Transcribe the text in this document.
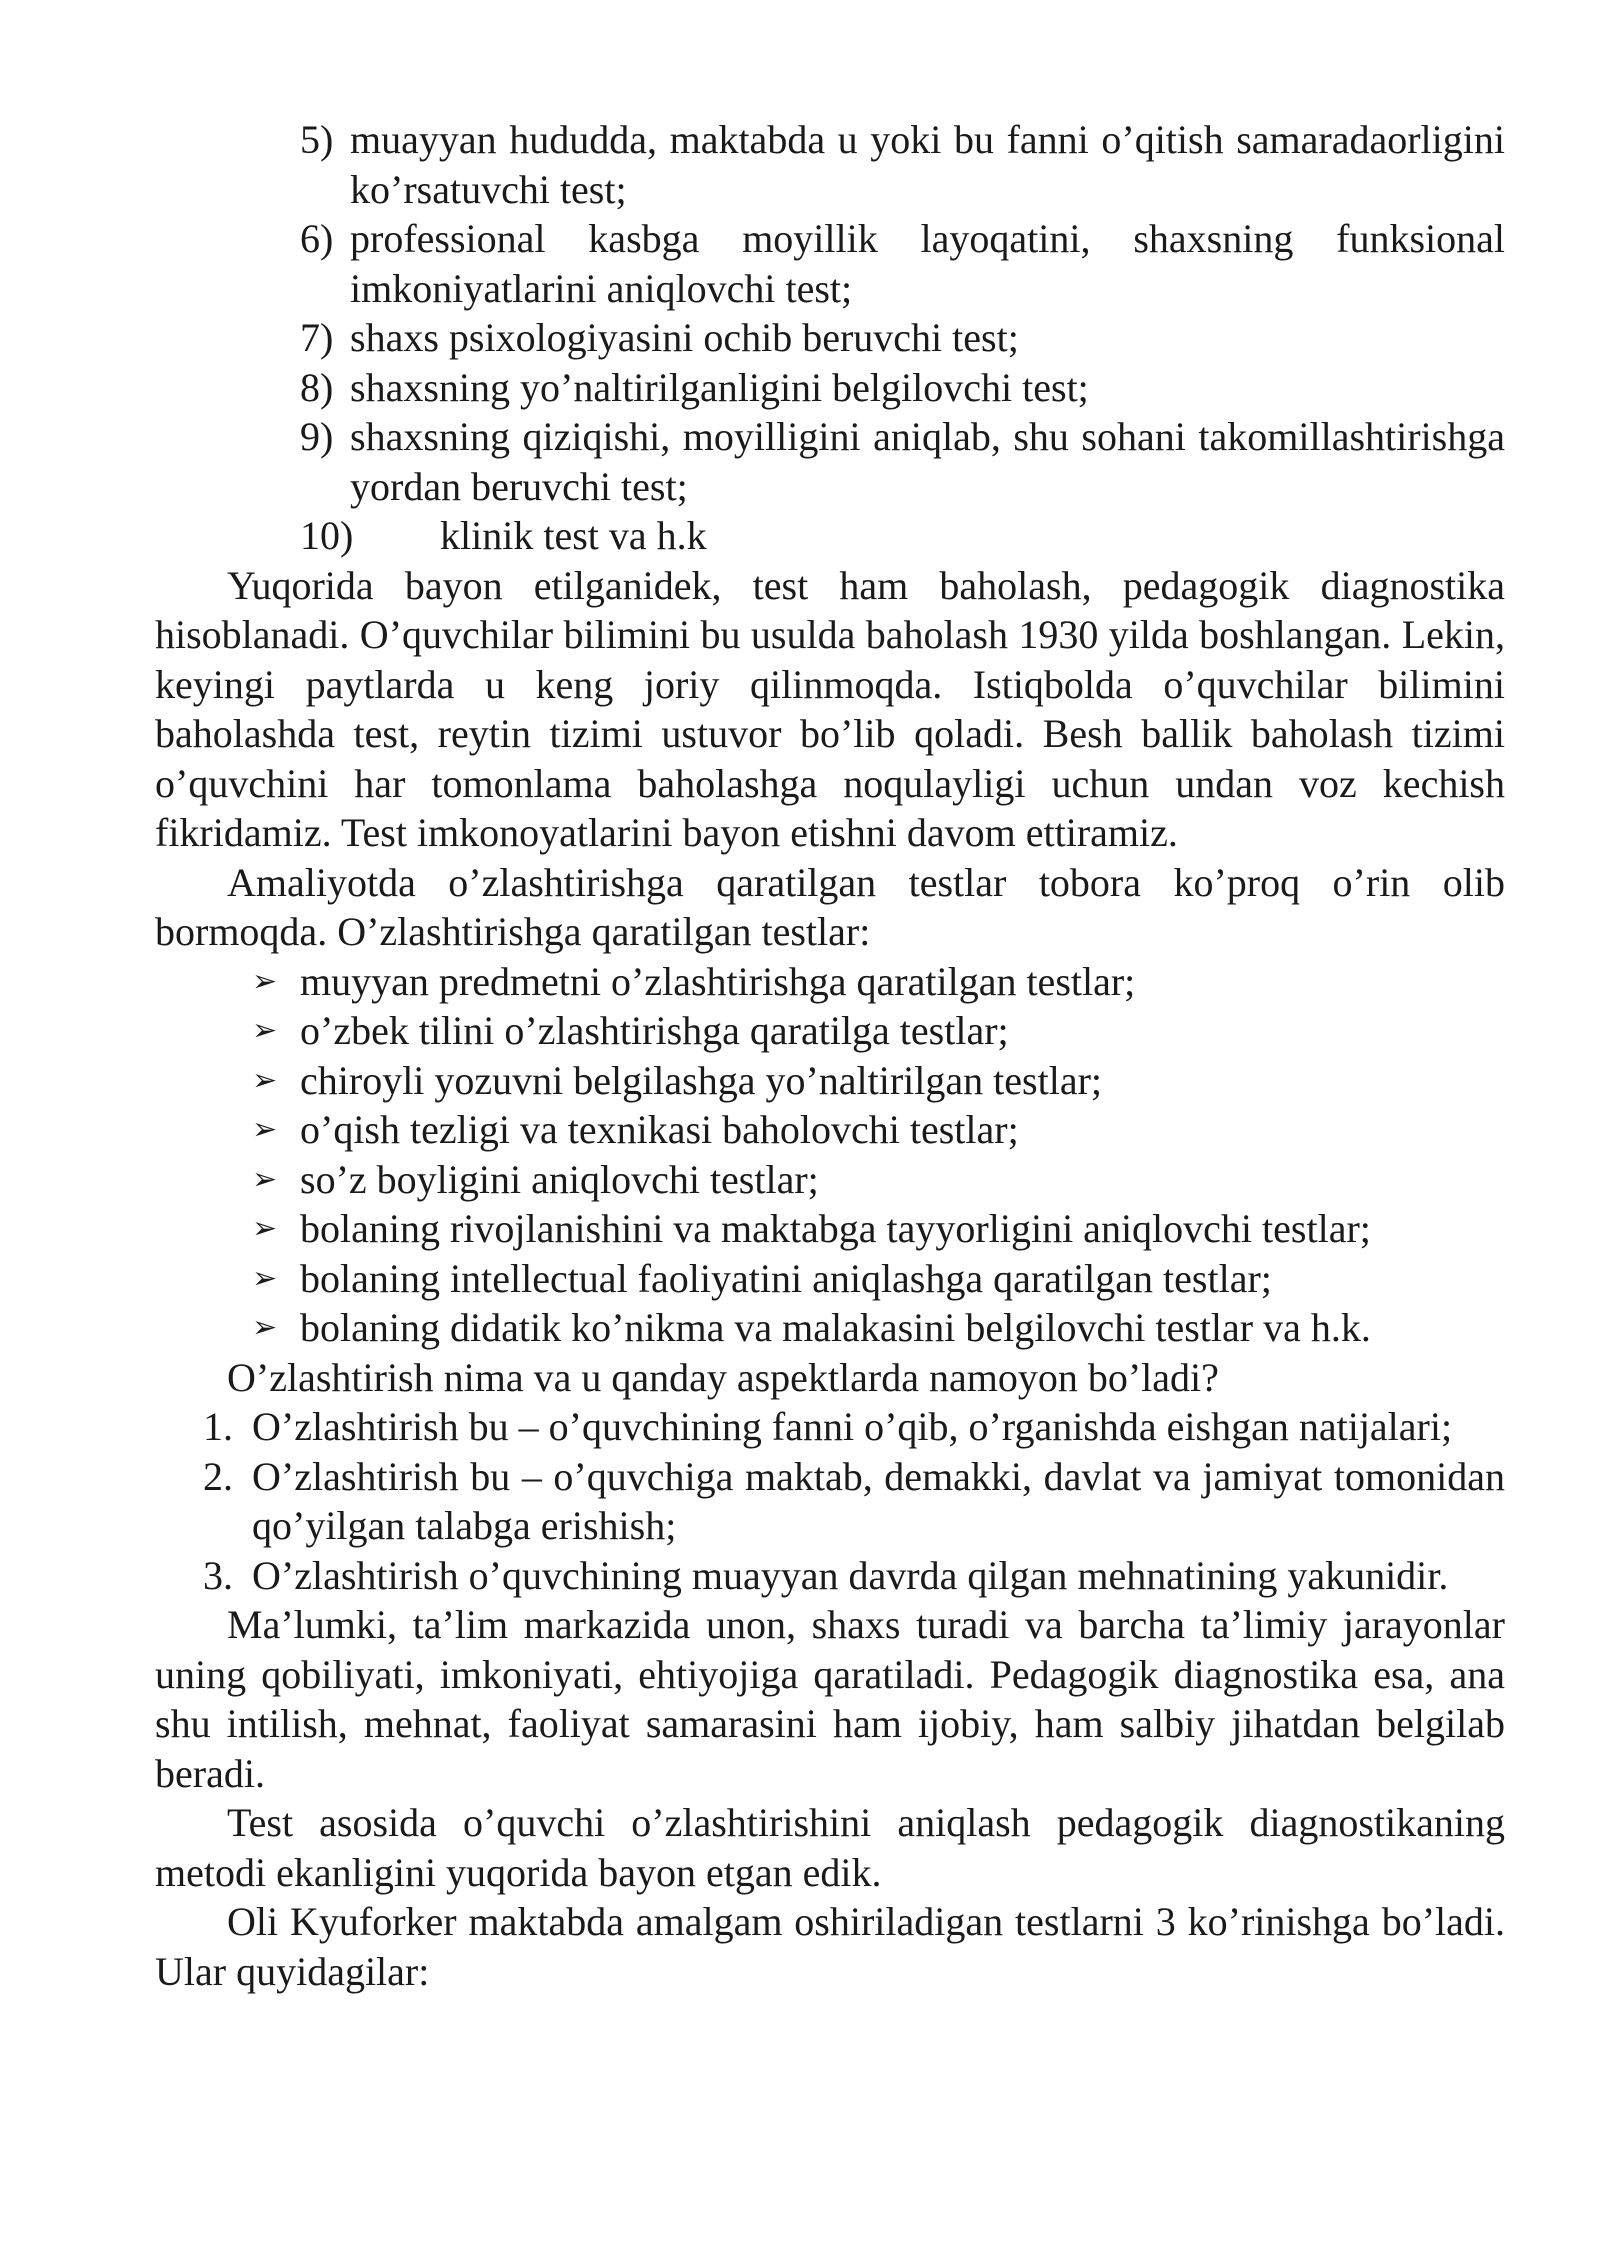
5) muayyan hududda, maktabda u yoki bu fanni o’qitish samaradaorligini ko’rsatuvchi test;
6) professional kasbga moyillik layoqatini, shaxsning funksional imkoniyatlarini aniqlovchi test;
7) shaxs psixologiyasini ochib beruvchi test;
8) shaxsning yo’naltirilganligini belgilovchi test;
9) shaxsning qiziqishi, moyilligini aniqlab, shu sohani takomillashtirishga yordan beruvchi test;
10) klinik test va h.k

Yuqorida bayon etilganidek, test ham baholash, pedagogik diagnostika hisoblanadi. O’quvchilar bilimini bu usulda baholash 1930 yilda boshlangan. Lekin, keyingi paytlarda u keng joriy qilinmoqda. Istiqbolda o’quvchilar bilimini baholashda test, reytin tizimi ustuvor bo’lib qoladi. Besh ballik baholash tizimi o’quvchini har tomonlama baholashga noqulayligi uchun undan voz kechish fikridamiz. Test imkonoyatlarini bayon etishni davom ettiramiz.

Amaliyotda o’zlashtirishga qaratilgan testlar tobora ko’proq o’rin olib bormoqda. O’zlashtirishga qaratilgan testlar:

➢ muyyan predmetni o’zlashtirishga qaratilgan testlar;
➢ o’zbek tilini o’zlashtirishga qaratilga testlar;
➢ chiroyli yozuvni belgilashga yo’naltirilgan testlar;
➢ o’qish tezligi va texnikasi baholovchi testlar;
➢ so’z boyligini aniqlovchi testlar;
➢ bolaning rivojlanishini va maktabga tayyorligini aniqlovchi testlar;
➢ bolaning intellectual faoliyatini aniqlashga qaratilgan testlar;
➢ bolaning didatik ko’nikma va malakasini belgilovchi testlar va h.k.

O’zlashtirish nima va u qanday aspektlarda namoyon bo’ladi?

1. O’zlashtirish bu – o’quvchining fanni o’qib, o’rganishda eishgan natijalari;
2. O’zlashtirish bu – o’quvchiga maktab, demakki, davlat va jamiyat tomonidan qo’yilgan talabga erishish;
3. O’zlashtirish o’quvchining muayyan davrda qilgan mehnatining yakunidir.

Ma’lumki, ta’lim markazida unon, shaxs turadi va barcha ta’limiy jarayonlar uning qobiliyati, imkoniyati, ehtiyojiga qaratiladi. Pedagogik diagnostika esa, ana shu intilish, mehnat, faoliyat samarasini ham ijobiy, ham salbiy jihatdan belgilab beradi.

Test asosida o’quvchi o’zlashtirishini aniqlash pedagogik diagnostikaning metodi ekanligini yuqorida bayon etgan edik.

Oli Kyuforker maktabda amalgam oshiriladigan testlarni 3 ko’rinishga bo’ladi. Ular quyidagilar:
